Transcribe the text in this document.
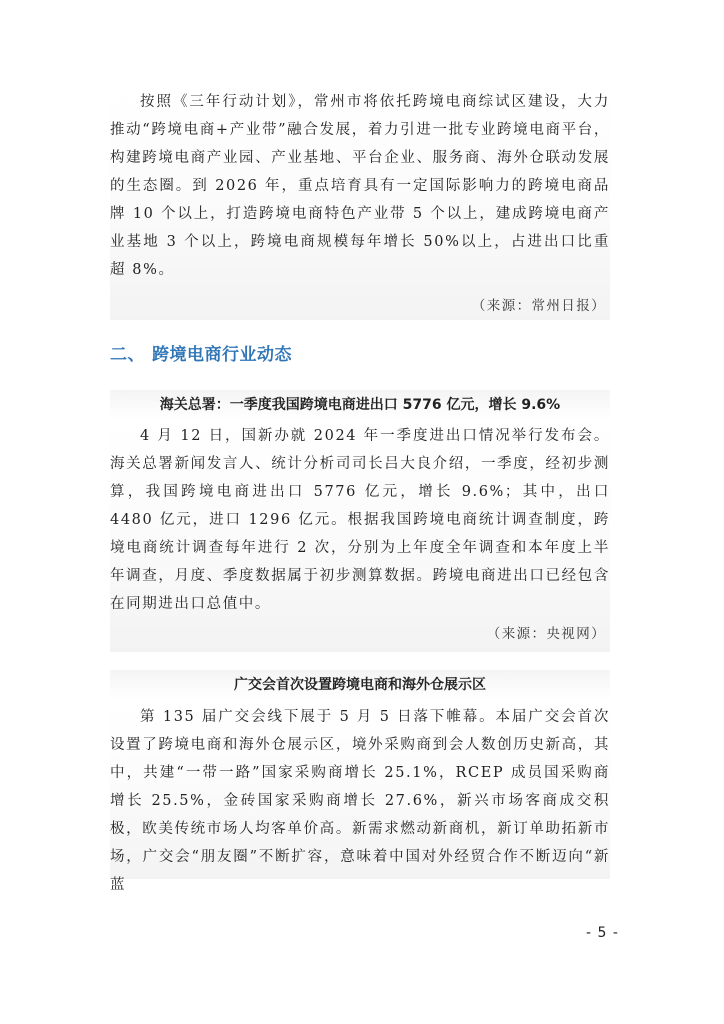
按照《三年行动计划》，常州市将依托跨境电商综试区建设，大力推动“跨境电商+产业带”融合发展，着力引进一批专业跨境电商平台，构建跨境电商产业园、产业基地、平台企业、服务商、海外仓联动发展的生态圈。到 2026 年，重点培育具有一定国际影响力的跨境电商品牌 10 个以上，打造跨境电商特色产业带 5 个以上，建成跨境电商产业基地 3 个以上，跨境电商规模每年增长 50%以上，占进出口比重超 8%。

（来源：常州日报）

二、 跨境电商行业动态
海关总署：一季度我国跨境电商进出口 5776 亿元，增长 9.6%

4 月 12 日，国新办就 2024 年一季度进出口情况举行发布会。海关总署新闻发言人、统计分析司司长吕大良介绍，一季度，经初步测算，我国跨境电商进出口 5776 亿元，增长 9.6%；其中，出口 4480 亿元，进口 1296 亿元。根据我国跨境电商统计调查制度，跨境电商统计调查每年进行 2 次，分别为上年度全年调查和本年度上半年调查，月度、季度数据属于初步测算数据。跨境电商进出口已经包含在同期进出口总值中。

（来源：央视网）

广交会首次设置跨境电商和海外仓展示区

第 135 届广交会线下展于 5 月 5 日落下帷幕。本届广交会首次设置了跨境电商和海外仓展示区，境外采购商到会人数创历史新高，其中，共建“一带一路”国家采购商增长 25.1%，RCEP 成员国采购商增长 25.5%，金砖国家采购商增长 27.6%，新兴市场客商成交积极，欧美传统市场人均客单价高。新需求燃动新商机，新订单助拓新市场，广交会“朋友圈”不断扩容，意味着中国对外经贸合作不断迈向“新蓝

- 5 -
